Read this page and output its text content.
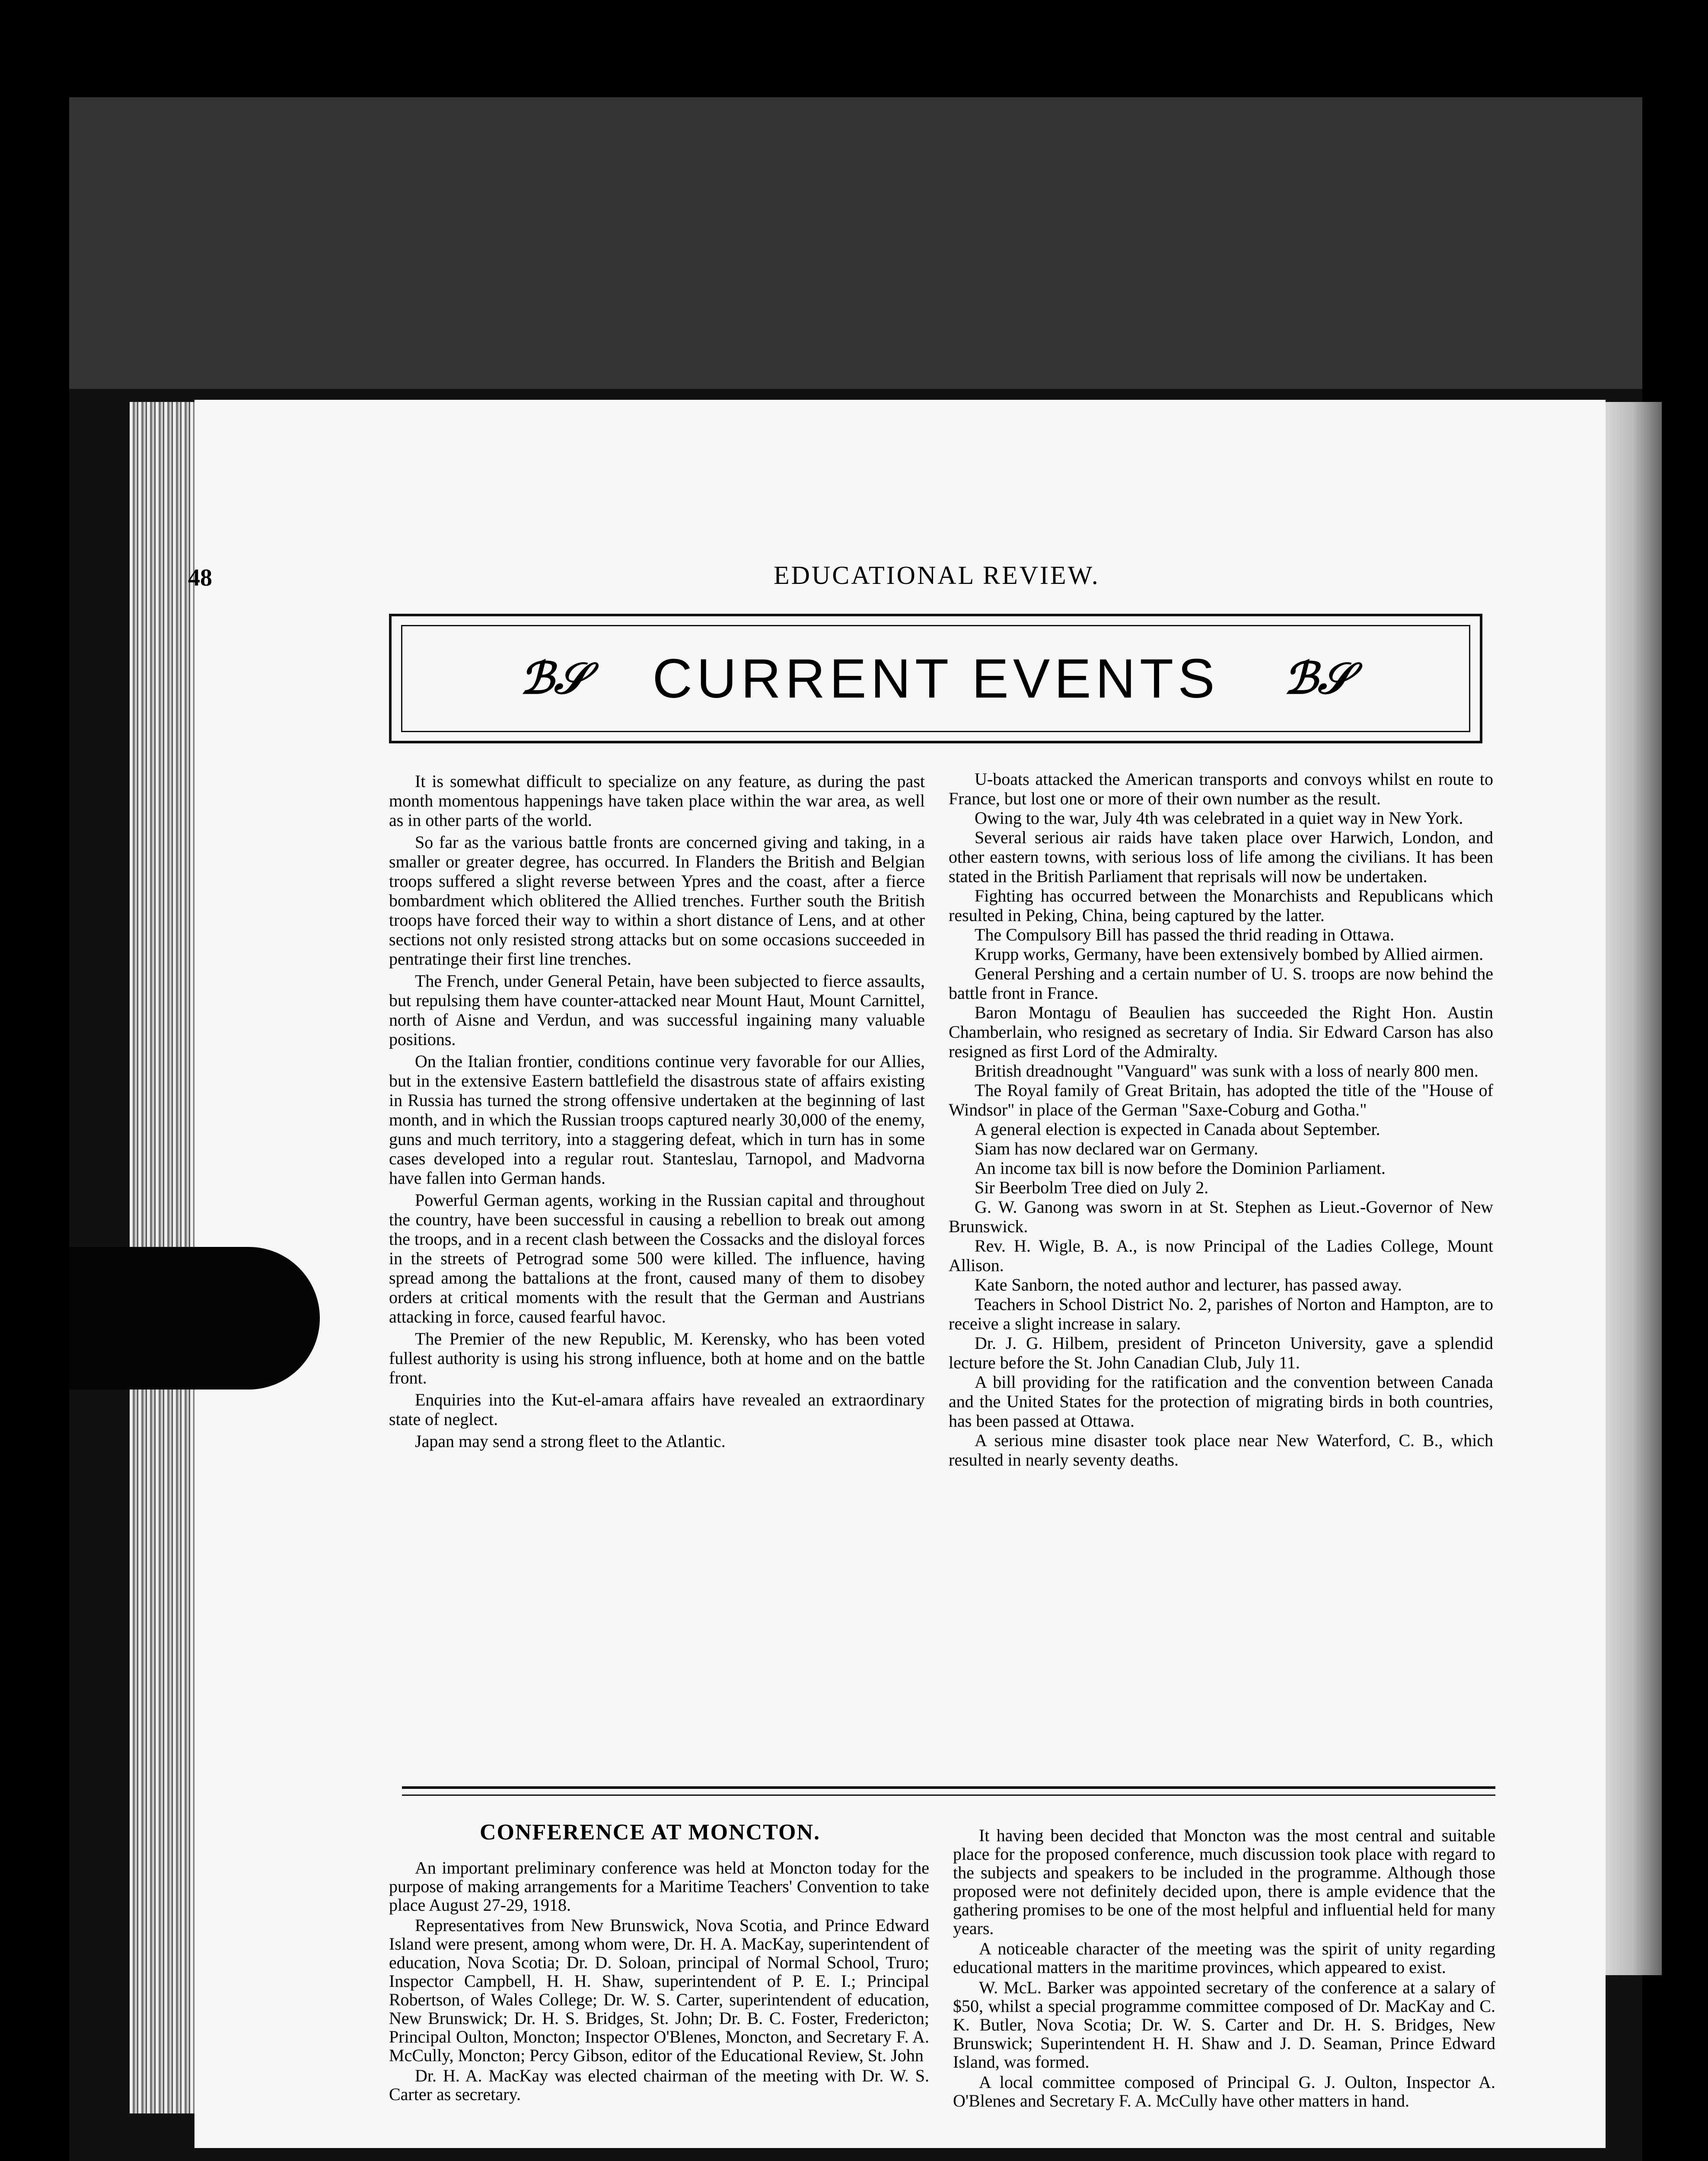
48	EDUCATIONAL REVIEW.
ℬ𝒮 CURRENT EVENTS ℬ𝒮

It is somewhat difficult to specialize on any feature, as during the past month momentous happenings have taken place within the war area, as well as in other parts of the world.

So far as the various battle fronts are concerned giving and taking, in a smaller or greater degree, has occurred. In Flanders the British and Belgian troops suffered a slight reverse between Ypres and the coast, after a fierce bombardment which oblitered the Allied trenches. Further south the British troops have forced their way to within a short distance of Lens, and at other sections not only resisted strong attacks but on some occasions succeeded in pentratinge their first line trenches.

The French, under General Petain, have been subjected to fierce assaults, but repulsing them have counter-attacked near Mount Haut, Mount Carnittel, north of Aisne and Verdun, and was successful ingaining many valuable positions.

On the Italian frontier, conditions continue very favorable for our Allies, but in the extensive Eastern battlefield the disastrous state of affairs existing in Russia has turned the strong offensive undertaken at the beginning of last month, and in which the Russian troops captured nearly 30,000 of the enemy, guns and much territory, into a staggering defeat, which in turn has in some cases developed into a regular rout. Stanteslau, Tarnopol, and Madvorna have fallen into German hands.

Powerful German agents, working in the Russian capital and throughout the country, have been successful in causing a rebellion to break out among the troops, and in a recent clash between the Cossacks and the disloyal forces in the streets of Petrograd some 500 were killed. The influence, having spread among the battalions at the front, caused many of them to disobey orders at critical moments with the result that the German and Austrians attacking in force, caused fearful havoc.

The Premier of the new Republic, M. Kerensky, who has been voted fullest authority is using his strong influence, both at home and on the battle front.

Enquiries into the Kut-el-amara affairs have revealed an extraordinary state of neglect.

Japan may send a strong fleet to the Atlantic.

U-boats attacked the American transports and convoys whilst en route to France, but lost one or more of their own number as the result.

Owing to the war, July 4th was celebrated in a quiet way in New York.

Several serious air raids have taken place over Harwich, London, and other eastern towns, with serious loss of life among the civilians. It has been stated in the British Parliament that reprisals will now be undertaken.

Fighting has occurred between the Monarchists and Republicans which resulted in Peking, China, being captured by the latter.

The Compulsory Bill has passed the thrid reading in Ottawa.

Krupp works, Germany, have been extensively bombed by Allied airmen.

General Pershing and a certain number of U. S. troops are now behind the battle front in France.

Baron Montagu of Beaulien has succeeded the Right Hon. Austin Chamberlain, who resigned as secretary of India. Sir Edward Carson has also resigned as first Lord of the Admiralty.

British dreadnought "Vanguard" was sunk with a loss of nearly 800 men.

The Royal family of Great Britain, has adopted the title of the "House of Windsor" in place of the German "Saxe-Coburg and Gotha."

A general election is expected in Canada about September.

Siam has now declared war on Germany.

An income tax bill is now before the Dominion Parliament.

Sir Beerbolm Tree died on July 2.

G. W. Ganong was sworn in at St. Stephen as Lieut.-Governor of New Brunswick.

Rev. H. Wigle, B. A., is now Principal of the Ladies College, Mount Allison.

Kate Sanborn, the noted author and lecturer, has passed away.

Teachers in School District No. 2, parishes of Norton and Hampton, are to receive a slight increase in salary.

Dr. J. G. Hilbem, president of Princeton University, gave a splendid lecture before the St. John Canadian Club, July 11.

A bill providing for the ratification and the convention between Canada and the United States for the protection of migrating birds in both countries, has been passed at Ottawa.

A serious mine disaster took place near New Waterford, C. B., which resulted in nearly seventy deaths.

CONFERENCE AT MONCTON.

An important preliminary conference was held at Moncton today for the purpose of making arrangements for a Maritime Teachers' Convention to take place August 27-29, 1918.

Representatives from New Brunswick, Nova Scotia, and Prince Edward Island were present, among whom were, Dr. H. A. MacKay, superintendent of education, Nova Scotia; Dr. D. Soloan, principal of Normal School, Truro; Inspector Campbell, H. H. Shaw, superintendent of P. E. I.; Principal Robertson, of Wales College; Dr. W. S. Carter, superintendent of education, New Brunswick; Dr. H. S. Bridges, St. John; Dr. B. C. Foster, Fredericton; Principal Oulton, Moncton; Inspector O'Blenes, Moncton, and Secretary F. A. McCully, Moncton; Percy Gibson, editor of the Educational Review, St. John

Dr. H. A. MacKay was elected chairman of the meeting with Dr. W. S. Carter as secretary.

It having been decided that Moncton was the most central and suitable place for the proposed conference, much discussion took place with regard to the subjects and speakers to be included in the programme. Although those proposed were not definitely decided upon, there is ample evidence that the gathering promises to be one of the most helpful and influential held for many years.

A noticeable character of the meeting was the spirit of unity regarding educational matters in the maritime provinces, which appeared to exist.

W. McL. Barker was appointed secretary of the conference at a salary of $50, whilst a special programme committee composed of Dr. MacKay and C. K. Butler, Nova Scotia; Dr. W. S. Carter and Dr. H. S. Bridges, New Brunswick; Superintendent H. H. Shaw and J. D. Seaman, Prince Edward Island, was formed.

A local committee composed of Principal G. J. Oulton, Inspector A. O'Blenes and Secretary F. A. McCully have other matters in hand.
